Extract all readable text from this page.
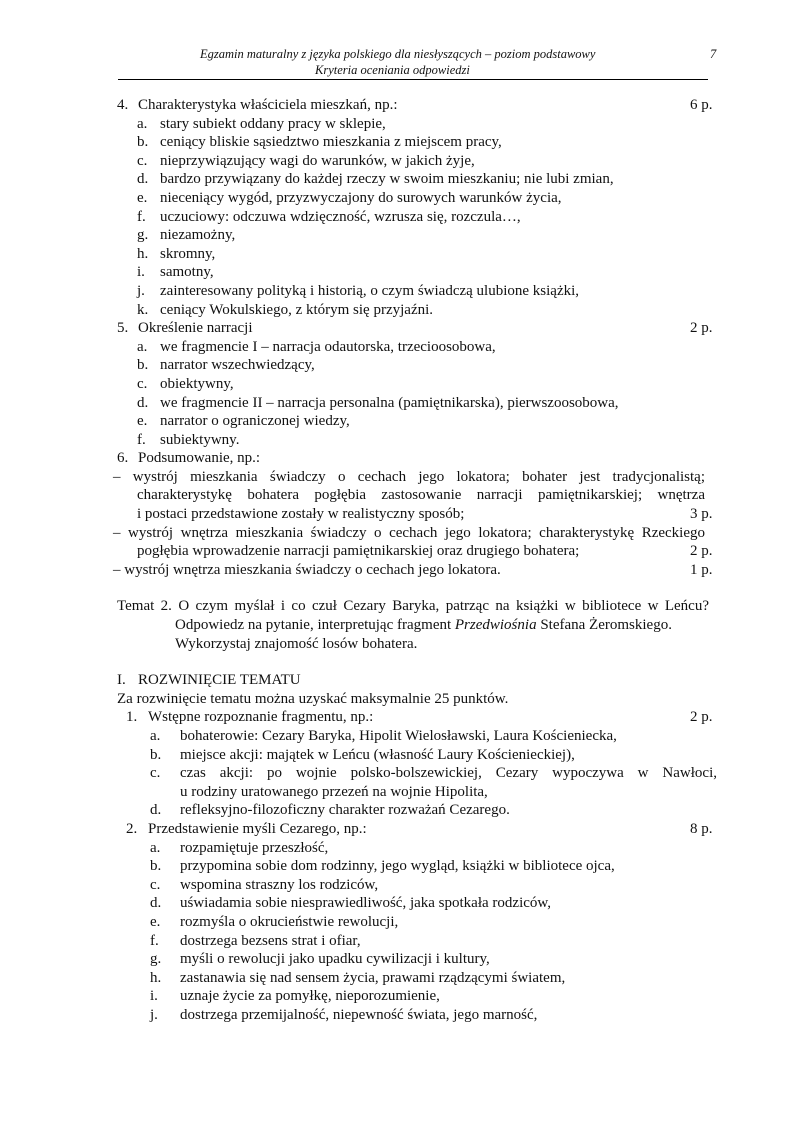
Egzamin maturalny z języka polskiego dla niesłyszących – poziom podstawowy
Kryteria oceniania odpowiedzi
7
4. Charakterystyka właściciela mieszkań, np.:	6 p.
a. stary subiekt oddany pracy w sklepie,
b. ceniący bliskie sąsiedztwo mieszkania z miejscem pracy,
c. nieprzywiązujący wagi do warunków, w jakich żyje,
d. bardzo przywiązany do każdej rzeczy w swoim mieszkaniu; nie lubi zmian,
e. nieceniący wygód, przyzwyczajony do surowych warunków życia,
f. uczuciowy: odczuwa wdzięczność, wzrusza się, rozczula…,
g. niezamożny,
h. skromny,
i. samotny,
j. zainteresowany polityką i historią, o czym świadczą ulubione książki,
k. ceniący Wokulskiego, z którym się przyjaźni.
5. Określenie narracji	2 p.
a. we fragmencie I – narracja odautorska, trzecioosobowa,
b. narrator wszechwiedzący,
c. obiektywny,
d. we fragmencie II – narracja personalna (pamiętnikarska), pierwszoosobowa,
e. narrator o ograniczonej wiedzy,
f. subiektywny.
6. Podsumowanie, np.:
– wystrój mieszkania świadczy o cechach jego lokatora; bohater jest tradycjonalistą;
charakterystykę bohatera pogłębia zastosowanie narracji pamiętnikarskiej; wnętrza
i postaci przedstawione zostały w realistyczny sposób;	3 p.
– wystrój wnętrza mieszkania świadczy o cechach jego lokatora; charakterystykę Rzeckiego
pogłębia wprowadzenie narracji pamiętnikarskiej oraz drugiego bohatera;	2 p.
– wystrój wnętrza mieszkania świadczy o cechach jego lokatora.	1 p.
Temat 2. O czym myślał i co czuł Cezary Baryka, patrząc na książki w bibliotece w Leńcu?
Odpowiedz na pytanie, interpretując fragment Przedwiośnia Stefana Żeromskiego.
Wykorzystaj znajomość losów bohatera.
I. ROZWINIĘCIE TEMATU
Za rozwinięcie tematu można uzyskać maksymalnie 25 punktów.
1. Wstępne rozpoznanie fragmentu, np.:	2 p.
a. bohaterowie: Cezary Baryka, Hipolit Wielosławski, Laura Kościeniecka,
b. miejsce akcji: majątek w Leńcu (własność Laury Kościenieckiej),
c. czas akcji: po wojnie polsko-bolszewickiej, Cezary wypoczywa w Nawłoci,
u rodziny uratowanego przezeń na wojnie Hipolita,
d. refleksyjno-filozoficzny charakter rozważań Cezarego.
2. Przedstawienie myśli Cezarego, np.:	8 p.
a. rozpamiętuje przeszłość,
b. przypomina sobie dom rodzinny, jego wygląd, książki w bibliotece ojca,
c. wspomina straszny los rodziców,
d. uświadamia sobie niesprawiedliwość, jaka spotkała rodziców,
e. rozmyśla o okrucieństwie rewolucji,
f. dostrzega bezsens strat i ofiar,
g. myśli o rewolucji jako upadku cywilizacji i kultury,
h. zastanawia się nad sensem życia, prawami rządzącymi światem,
i. uznaje życie za pomyłkę, nieporozumienie,
j. dostrzega przemijalność, niepewność świata, jego marność,
